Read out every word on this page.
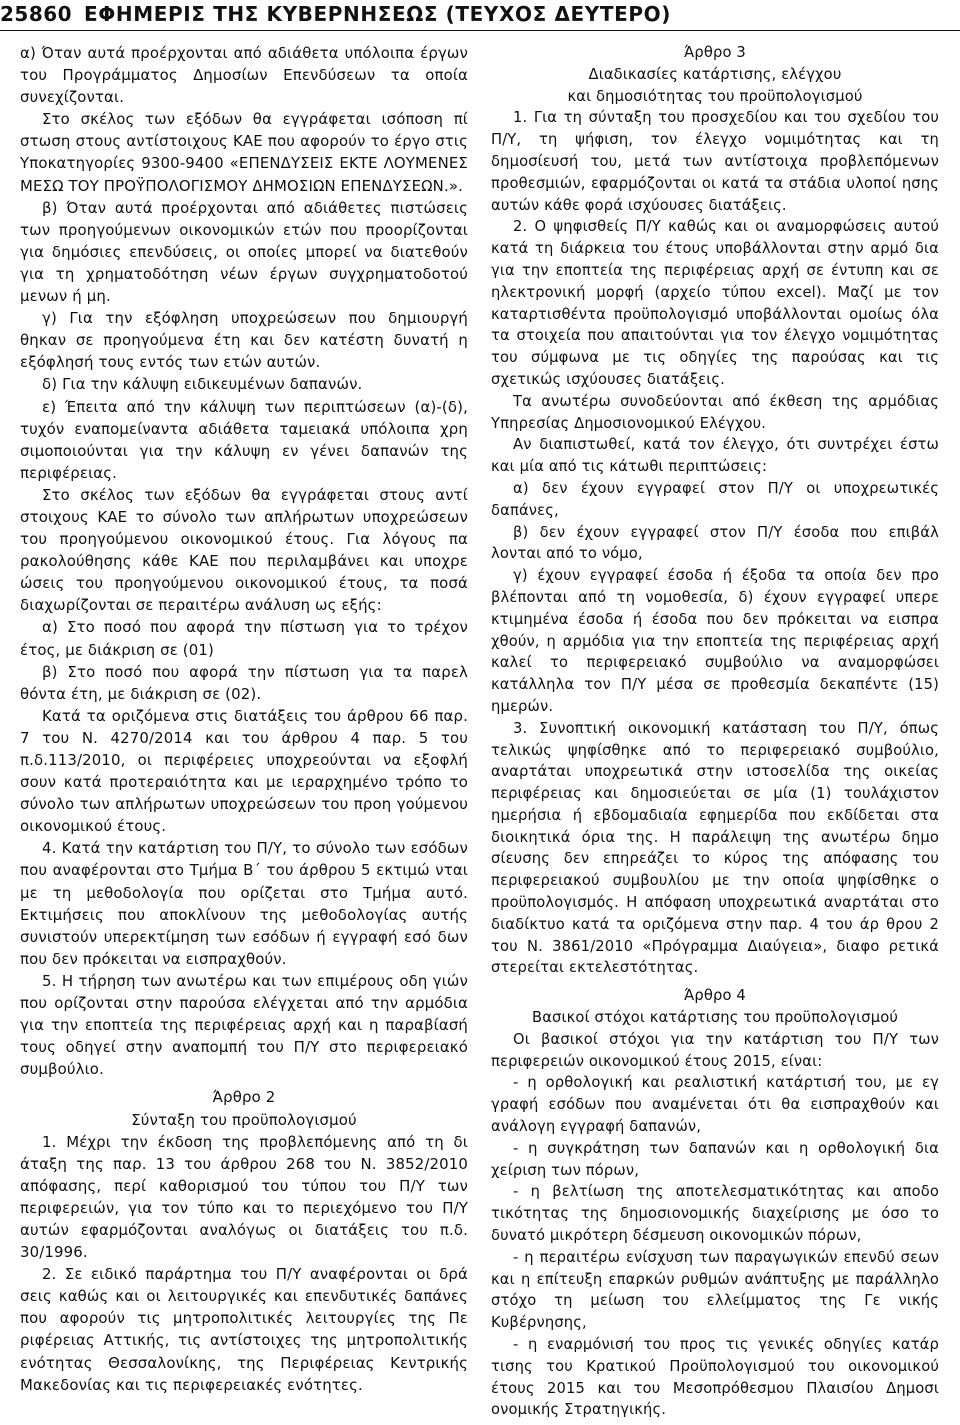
25860 ΕΦΗΜΕΡΙΣ ΤΗΣ ΚΥΒΕΡΝΗΣΕΩΣ (ΤΕΥΧΟΣ ΔΕΥΤΕΡΟ)

α) Όταν αυτά προέρχονται από αδιάθετα υπόλοιπα έργων του Προγράμματος Δημοσίων Επενδύσεων τα οποία συνεχίζονται.

Στο σκέλος των εξόδων θα εγγράφεται ισόποση πί στωση στους αντίστοιχους ΚΑΕ που αφορούν το έργο στις Υποκατηγορίες 9300-9400 «ΕΠΕΝΔΥΣΕΙΣ ΕΚΤΕ ΛΟΥΜΕΝΕΣ ΜΕΣΩ ΤΟΥ ΠΡΟΫΠΟΛΟΓΙΣΜΟΥ ΔΗΜΟΣΙΩΝ ΕΠΕΝΔΥΣΕΩΝ.».

β) Όταν αυτά προέρχονται από αδιάθετες πιστώσεις των προηγούμενων οικονομικών ετών που προορίζονται για δημόσιες επενδύσεις, οι οποίες μπορεί να διατεθούν για τη χρηματοδότηση νέων έργων συγχρηματοδοτού μενων ή μη.

γ) Για την εξόφληση υποχρεώσεων που δημιουργή θηκαν σε προηγούμενα έτη και δεν κατέστη δυνατή η εξόφλησή τους εντός των ετών αυτών.

δ) Για την κάλυψη ειδικευμένων δαπανών.

ε) Έπειτα από την κάλυψη των περιπτώσεων (α)-(δ), τυχόν εναπομείναντα αδιάθετα ταμειακά υπόλοιπα χρη σιμοποιούνται για την κάλυψη εν γένει δαπανών της περιφέρειας.

Στο σκέλος των εξόδων θα εγγράφεται στους αντί στοιχους ΚΑΕ το σύνολο των απλήρωτων υποχρεώσεων του προηγούμενου οικονομικού έτους. Για λόγους πα ρακολούθησης κάθε ΚΑΕ που περιλαμβάνει και υποχρε ώσεις του προηγούμενου οικονομικού έτους, τα ποσά διαχωρίζονται σε περαιτέρω ανάλυση ως εξής:

α) Στο ποσό που αφορά την πίστωση για το τρέχον έτος, με διάκριση σε (01)

β) Στο ποσό που αφορά την πίστωση για τα παρελ θόντα έτη, με διάκριση σε (02).

Κατά τα οριζόμενα στις διατάξεις του άρθρου 66 παρ. 7 του Ν. 4270/2014 και του άρθρου 4 παρ. 5 του π.δ.113/2010, οι περιφέρειες υποχρεούνται να εξοφλή σουν κατά προτεραιότητα και με ιεραρχημένο τρόπο το σύνολο των απλήρωτων υποχρεώσεων του προη γούμενου οικονομικού έτους.

4. Κατά την κατάρτιση του Π/Υ, το σύνολο των εσόδων που αναφέρονται στο Τμήμα Β΄ του άρθρου 5 εκτιμώ νται με τη μεθοδολογία που ορίζεται στο Τμήμα αυτό. Εκτιμήσεις που αποκλίνουν της μεθοδολογίας αυτής συνιστούν υπερεκτίμηση των εσόδων ή εγγραφή εσό δων που δεν πρόκειται να εισπραχθούν.

5. Η τήρηση των ανωτέρω και των επιμέρους οδη γιών που ορίζονται στην παρούσα ελέγχεται από την αρμόδια για την εποπτεία της περιφέρειας αρχή και η παραβίασή τους οδηγεί στην αναπομπή του Π/Υ στο περιφερειακό συμβούλιο.

Άρθρο 2

Σύνταξη του προϋπολογισμού

1. Μέχρι την έκδοση της προβλεπόμενης από τη δι άταξη της παρ. 13 του άρθρου 268 του Ν. 3852/2010 απόφασης, περί καθορισμού του τύπου του Π/Υ των περιφερειών, για τον τύπο και το περιεχόμενο του Π/Υ αυτών εφαρμόζονται αναλόγως οι διατάξεις του π.δ. 30/1996.

2. Σε ειδικό παράρτημα του Π/Υ αναφέρονται οι δρά σεις καθώς και οι λειτουργικές και επενδυτικές δαπάνες που αφορούν τις μητροπολιτικές λειτουργίες της Πε ριφέρειας Αττικής, τις αντίστοιχες της μητροπολιτικής ενότητας Θεσσαλονίκης, της Περιφέρειας Κεντρικής Μακεδονίας και τις περιφερειακές ενότητες.

Άρθρο 3

Διαδικασίες κατάρτισης, ελέγχου

και δημοσιότητας του προϋπολογισμού

1. Για τη σύνταξη του προσχεδίου και του σχεδίου του Π/Υ, τη ψήφιση, τον έλεγχο νομιμότητας και τη δημοσίευσή του, μετά των αντίστοιχα προβλεπόμενων προθεσμιών, εφαρμόζονται οι κατά τα στάδια υλοποί ησης αυτών κάθε φορά ισχύουσες διατάξεις.

2. Ο ψηφισθείς Π/Υ καθώς και οι αναμορφώσεις αυτού κατά τη διάρκεια του έτους υποβάλλονται στην αρμό δια για την εποπτεία της περιφέρειας αρχή σε έντυπη και σε ηλεκτρονική μορφή (αρχείο τύπου excel). Μαζί με τον καταρτισθέντα προϋπολογισμό υποβάλλονται ομοίως όλα τα στοιχεία που απαιτούνται για τον έλεγχο νομιμότητας του σύμφωνα με τις οδηγίες της παρούσας και τις σχετικώς ισχύουσες διατάξεις.

Τα ανωτέρω συνοδεύονται από έκθεση της αρμόδιας Υπηρεσίας Δημοσιονομικού Ελέγχου.

Αν διαπιστωθεί, κατά τον έλεγχο, ότι συντρέχει έστω και μία από τις κάτωθι περιπτώσεις:

α) δεν έχουν εγγραφεί στον Π/Υ οι υποχρεωτικές δαπάνες,

β) δεν έχουν εγγραφεί στον Π/Υ έσοδα που επιβάλ λονται από το νόμο,

γ) έχουν εγγραφεί έσοδα ή έξοδα τα οποία δεν προ βλέπονται από τη νομοθεσία, δ) έχουν εγγραφεί υπερε κτιμημένα έσοδα ή έσοδα που δεν πρόκειται να εισπρα χθούν, η αρμόδια για την εποπτεία της περιφέρειας αρχή καλεί το περιφερειακό συμβούλιο να αναμορφώσει κατάλληλα τον Π/Υ μέσα σε προθεσμία δεκαπέντε (15) ημερών.

3. Συνοπτική οικονομική κατάσταση του Π/Υ, όπως τελικώς ψηφίσθηκε από το περιφερειακό συμβούλιο, αναρτάται υποχρεωτικά στην ιστοσελίδα της οικείας περιφέρειας και δημοσιεύεται σε μία (1) τουλάχιστον ημερήσια ή εβδομαδιαία εφημερίδα που εκδίδεται στα διοικητικά όρια της. Η παράλειψη της ανωτέρω δημο σίευσης δεν επηρεάζει το κύρος της απόφασης του περιφερειακού συμβουλίου με την οποία ψηφίσθηκε ο προϋπολογισμός. Η απόφαση υποχρεωτικά αναρτάται στο διαδίκτυο κατά τα οριζόμενα στην παρ. 4 του άρ θρου 2 του Ν. 3861/2010 «Πρόγραμμα Διαύγεια», διαφο ρετικά στερείται εκτελεστότητας.

Άρθρο 4

Βασικοί στόχοι κατάρτισης του προϋπολογισμού

Οι βασικοί στόχοι για την κατάρτιση του Π/Υ των περιφερειών οικονομικού έτους 2015, είναι:

- η ορθολογική και ρεαλιστική κατάρτισή του, με εγ γραφή εσόδων που αναμένεται ότι θα εισπραχθούν και ανάλογη εγγραφή δαπανών,

- η συγκράτηση των δαπανών και η ορθολογική δια χείριση των πόρων,

- η βελτίωση της αποτελεσματικότητας και αποδο τικότητας της δημοσιονομικής διαχείρισης με όσο το δυνατό μικρότερη δέσμευση οικονομικών πόρων,

- η περαιτέρω ενίσχυση των παραγωγικών επενδύ σεων και η επίτευξη επαρκών ρυθμών ανάπτυξης με παράλληλο στόχο τη μείωση του ελλείμματος της Γε νικής Κυβέρνησης,

- η εναρμόνισή του προς τις γενικές οδηγίες κατάρ τισης του Κρατικού Προϋπολογισμού του οικονομικού έτους 2015 και του Μεσοπρόθεσμου Πλαισίου Δημοσι ονομικής Στρατηγικής.
